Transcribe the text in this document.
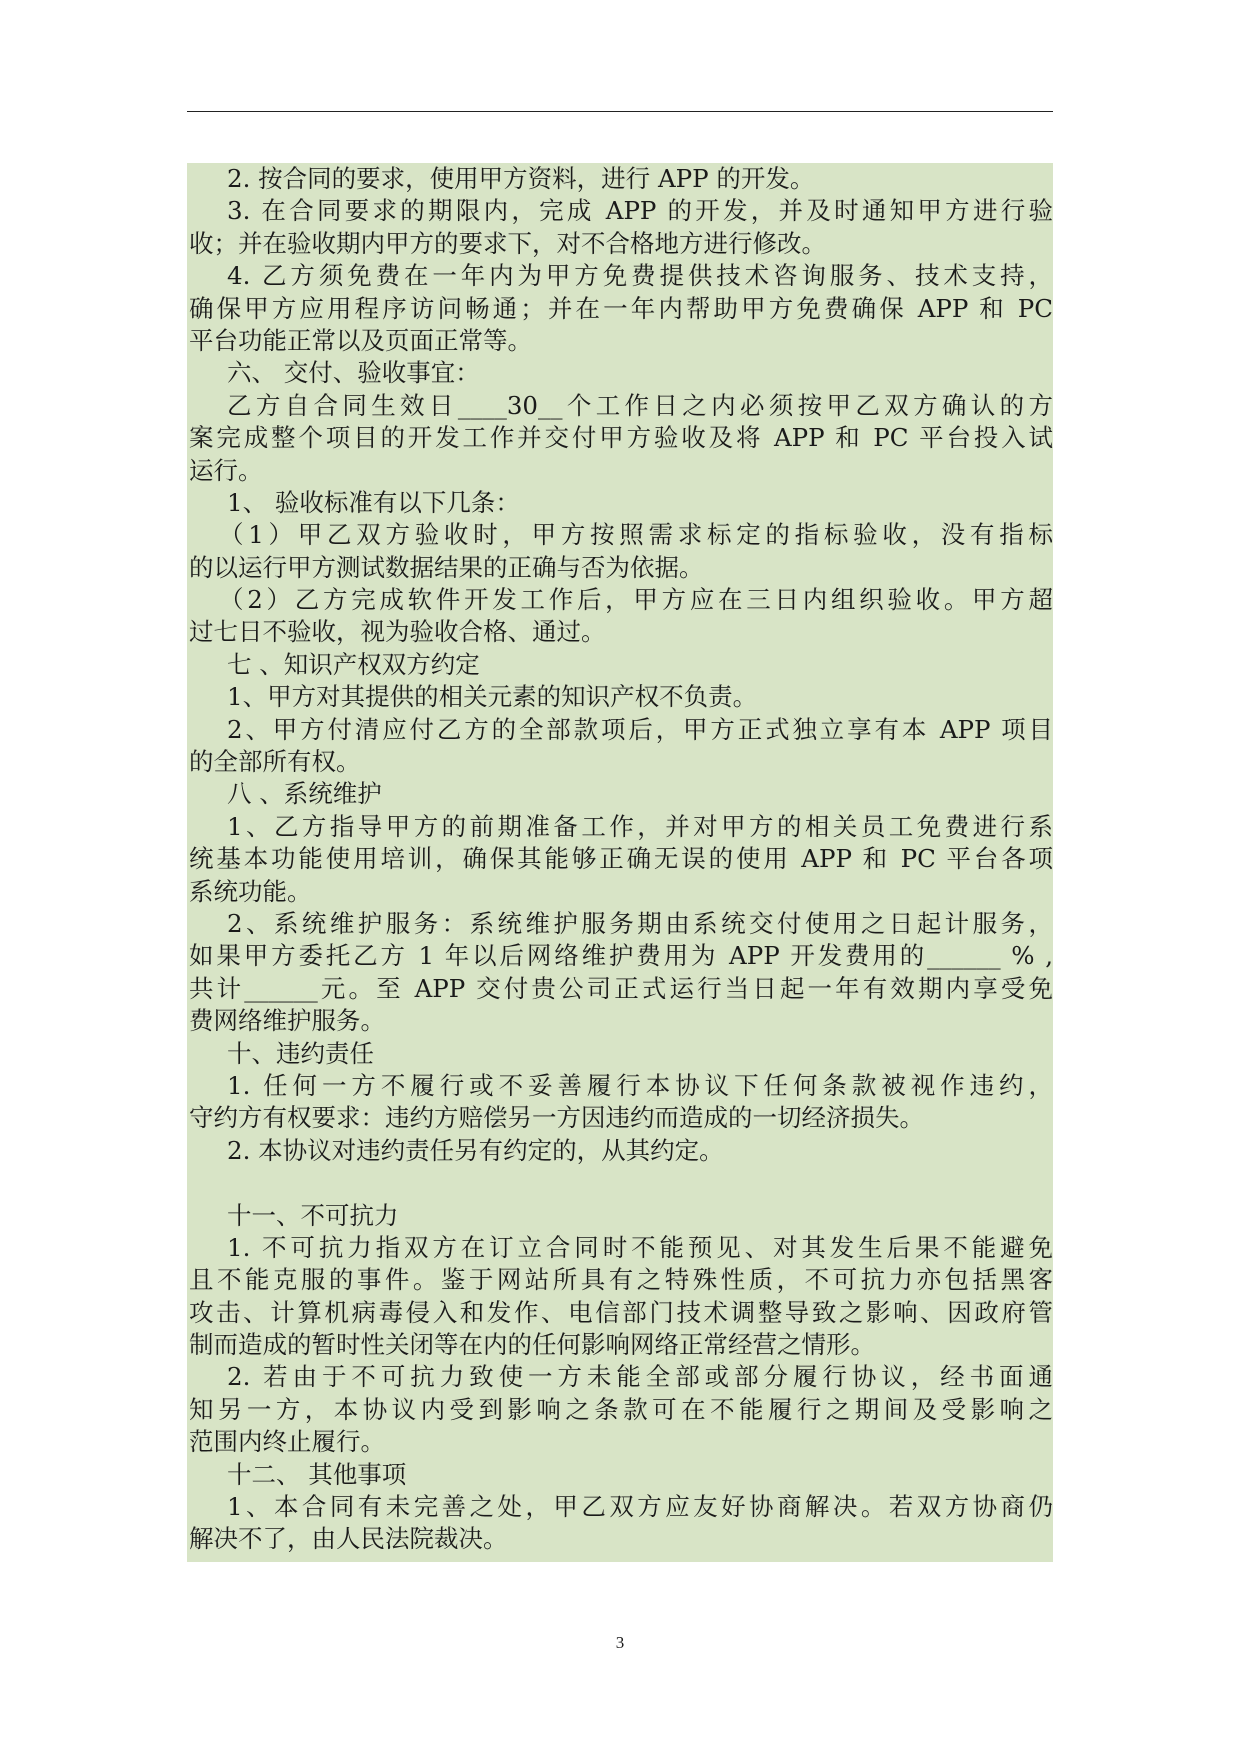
2. 按合同的要求，使用甲方资料，进行 APP 的开发。
3. 在合同要求的期限内，完成 APP 的开发，并及时通知甲方进行验
收；并在验收期内甲方的要求下，对不合格地方进行修改。
4. 乙方须免费在一年内为甲方免费提供技术咨询服务、技术支持，
确保甲方应用程序访问畅通；并在一年内帮助甲方免费确保 APP 和 PC
平台功能正常以及页面正常等。
六、 交付、验收事宜：
乙方自合同生效日____30__个工作日之内必须按甲乙双方确认的方
案完成整个项目的开发工作并交付甲方验收及将 APP 和 PC 平台投入试
运行。
1、 验收标准有以下几条：
（1）甲乙双方验收时，甲方按照需求标定的指标验收，没有指标
的以运行甲方测试数据结果的正确与否为依据。
（2）乙方完成软件开发工作后，甲方应在三日内组织验收。甲方超
过七日不验收，视为验收合格、通过。
七 、知识产权双方约定
1、甲方对其提供的相关元素的知识产权不负责。
2、甲方付清应付乙方的全部款项后，甲方正式独立享有本 APP 项目
的全部所有权。
八 、系统维护
1、乙方指导甲方的前期准备工作，并对甲方的相关员工免费进行系
统基本功能使用培训，确保其能够正确无误的使用 APP 和 PC 平台各项
系统功能。
2、系统维护服务：系统维护服务期由系统交付使用之日起计服务，
如果甲方委托乙方 1 年以后网络维护费用为 APP 开发费用的______ % ,
共计______元。至 APP 交付贵公司正式运行当日起一年有效期内享受免
费网络维护服务。
十、违约责任
1. 任何一方不履行或不妥善履行本协议下任何条款被视作违约，
守约方有权要求：违约方赔偿另一方因违约而造成的一切经济损失。
2. 本协议对违约责任另有约定的，从其约定。
十一、不可抗力
1. 不可抗力指双方在订立合同时不能预见、对其发生后果不能避免
且不能克服的事件。鉴于网站所具有之特殊性质，不可抗力亦包括黑客
攻击、计算机病毒侵入和发作、电信部门技术调整导致之影响、因政府管
制而造成的暂时性关闭等在内的任何影响网络正常经营之情形。
2. 若由于不可抗力致使一方未能全部或部分履行协议，经书面通
知另一方，本协议内受到影响之条款可在不能履行之期间及受影响之
范围内终止履行。
十二、 其他事项
1、本合同有未完善之处，甲乙双方应友好协商解决。若双方协商仍
解决不了，由人民法院裁决。
3
